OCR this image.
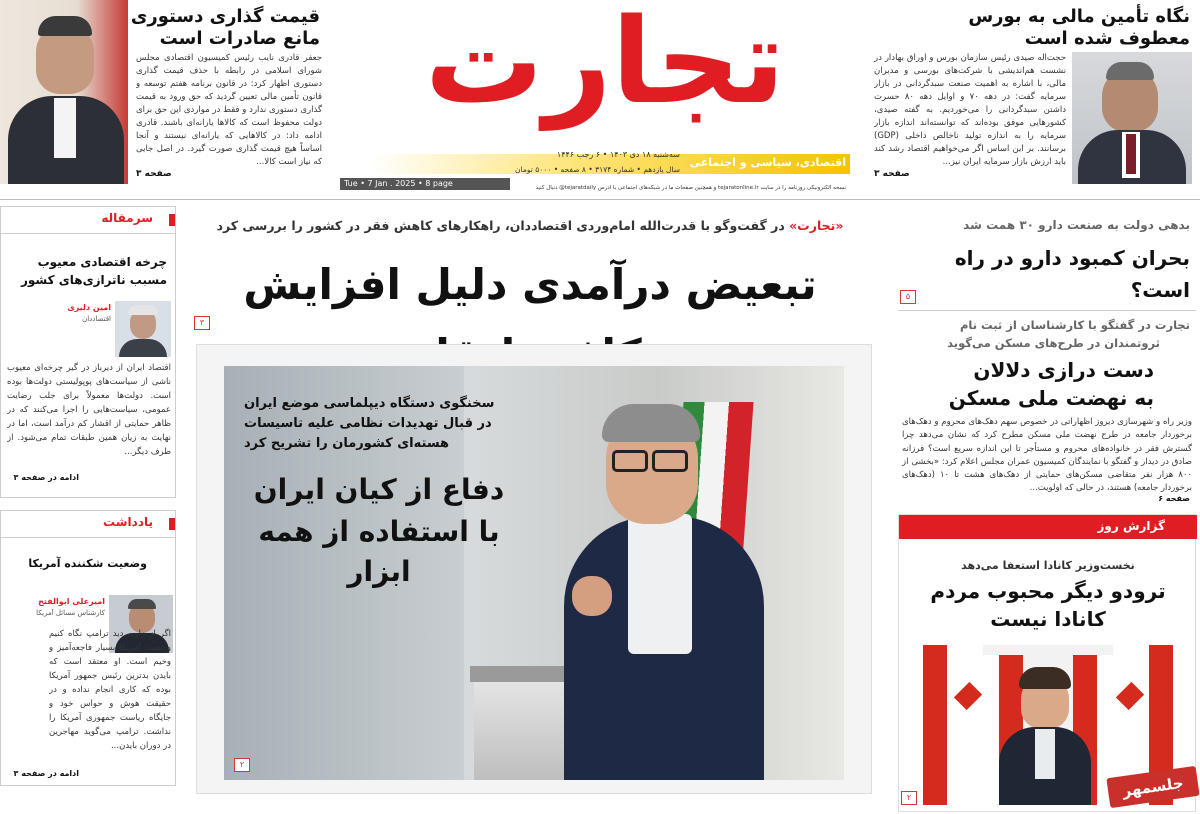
تجارت
اقتصادی، سیاسی و اجتماعی
سه‌شنبه ۱۸ دی ۱۴۰۳ • ۶ رجب ۱۴۴۶
سال یازدهم • شماره ۳۱۷۴ • ۸ صفحه • ۵۰۰۰ تومان
Tue • 7 Jan . 2025 • 8 page	نسخه الکترونیکی روزنامه را در سایت tejaratonline.ir و همچنین صفحات ما در شبکه‌های اجتماعی با آدرس tejaratdaily@ دنبال کنید
نگاه تأمین مالی به بورس
معطوف شده است
حجت‌اله صیدی رئیس سازمان بورس و اوراق بهادار در نشست هم‌اندیشی با شرکت‌های بورسی و مدیران مالی، با اشاره به اهمیت صنعت سبدگردانی در بازار سرمایه گفت: در دهه ۷۰ و اوایل دهه ۸۰ حسرت داشتن سبدگردانی را می‌خوردیم. به گفته صیدی، کشورهایی موفق بوده‌اند که توانسته‌اند اندازه بازار سرمایه را به اندازه تولید ناخالص داخلی (GDP) برسانند. بر این اساس اگر می‌خواهیم اقتصاد رشد کند باید ارزش بازار سرمایه ایران نیز...
صفحه ۳
قیمت گذاری دستوری
مانع صادرات است
جعفر قادری نایب رئیس کمیسیون اقتصادی مجلس شورای اسلامی در رابطه با حذف قیمت گذاری دستوری اظهار کرد: در قانون برنامه هفتم توسعه و قانون تأمین مالی تعیین گردید که حق ورود به قیمت گذاری دستوری ندارد و فقط در مواردی این حق برای دولت محفوظ است که کالاها یارانه‌ای باشند. قادری ادامه داد: در کالاهایی که یارانه‌ای نیستند و آنجا اساساً هیچ قیمت گذاری صورت گیرد. در اصل جایی که نیاز است کالا...
صفحه ۳
سرمقاله
چرخه اقتصادی معیوب
مسبب نا‌ترازی‌های کشور
امین دلیری
اقتصاددان
اقتصاد ایران از دیرباز در گیر چرخه‌ای معیوب ناشی از سیاست‌های پوپولیستی دولت‌ها بوده است. دولت‌ها معمولاً برای جلب رضایت عمومی، سیاست‌هایی را اجرا می‌کنند که در ظاهر حمایتی از اقشار کم درآمد است، اما در نهایت به زیان همین طبقات تمام می‌شود. از طرف دیگر...
ادامه در صفحه ۳
یادداشت
وضعیت شکننده آمریکا
امیرعلی ابوالفتح
کارشناس مسائل آمریکا
اگر از زاویه دید ترامپ نگاه کنیم وضعیت آمریکا بسیار فاجعه‌آمیز و وخیم است. او معتقد است که بایدن بدترین رئیس جمهور آمریکا بوده که کاری انجام نداده و در حقیقت هوش و حواس خود و جایگاه ریاست جمهوری آمریکا را نداشت. ترامپ می‌گوید مهاجرین در دوران بایدن...
ادامه در صفحه ۳
«تجارت» در گفت‌وگو با قدرت‌الله امام‌وردی اقتصاددان، راهکارهای کاهش فقر در کشور را بررسی کرد
تبعیض درآمدی دلیل افزایش
۳
سخنگوی دستگاه دیپلماسی موضع ایران
در قبال تهدیدات نظامی علیه تاسیسات
هسته‌ای کشورمان را تشریح کرد
دفاع از کیان ایران
با استفاده از همه ابزار
۲
بدهی دولت به صنعت دارو ۳۰ همت شد
بحران کمبود دارو در راه است؟
۵
تجارت در گفتگو با کارشناسان از ثبت نام
ثروتمندان در طرح‌های مسکن می‌گوید
دست درازی دلالان
به نهضت ملی مسکن
وزیر راه و شهرسازی دیروز اظهاراتی در خصوص سهم دهک‌های محروم و دهک‌های برخوردار جامعه در طرح نهضت ملی مسکن مطرح کرد که نشان می‌دهد چرا گسترش فقر در خانواده‌های محروم و مستأجر تا این اندازه سریع است؟ فرزانه صادق در دیدار و گفتگو با نمایندگان کمیسیون عمران مجلس اعلام کرد: «بخشی از ۸۰۰ هزار نفر متقاضی مسکن‌های حمایتی از دهک‌های هشت تا ۱۰ (دهک‌های برخوردار جامعه) هستند، در حالی که اولویت...
صفحه ۶
گزارش روز
نخست‌وزیر کانادا استعفا می‌دهد
ترودو دیگر محبوب مردم
کانادا نیست
۲	جلسمهر
